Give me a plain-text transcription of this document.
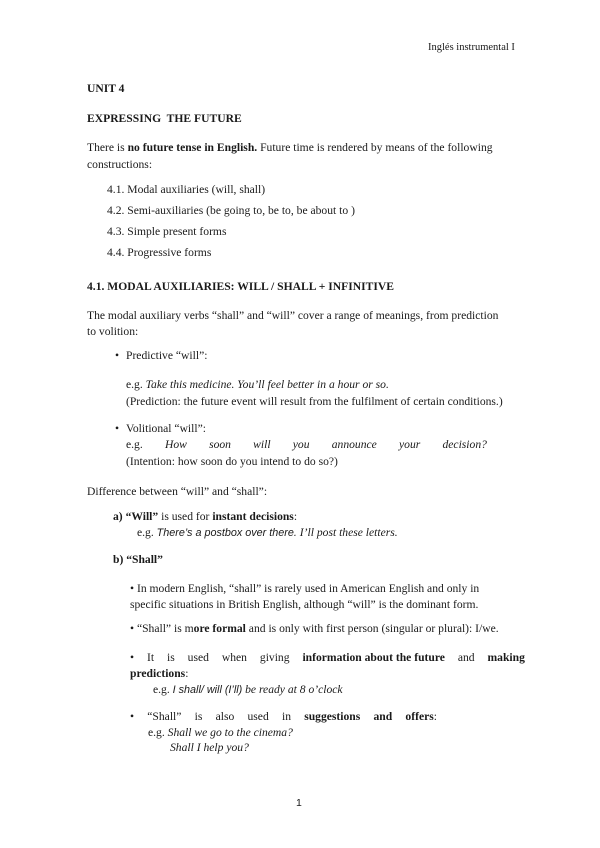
Inglés instrumental I
UNIT 4
EXPRESSING  THE FUTURE
There is no future tense in English. Future time is rendered by means of the following
constructions:
4.1. Modal auxiliaries (will, shall)
4.2. Semi-auxiliaries (be going to, be to, be about to )
4.3. Simple present forms
4.4. Progressive forms
4.1. MODAL AUXILIARIES: WILL / SHALL + INFINITIVE
The modal auxiliary verbs “shall” and “will” cover a range of meanings, from prediction
to volition:
• Predictive “will”:
e.g. Take this medicine. You’ll feel better in a hour or so.
(Prediction: the future event will result from the fulfilment of certain conditions.)
• Volitional “will”:
e.g. How soon will you announce your decision?
(Intention: how soon do you intend to do so?)
Difference between “will” and “shall”:
a) “Will” is used for instant decisions:
e.g. There’s a postbox over there. I’ll post these letters.
b) “Shall”
• In modern English, “shall” is rarely used in American English and only in
specific situations in British English, although “will” is the dominant form.
• “Shall” is more formal and is only with first person (singular or plural): I/we.
• It is used when giving information about the future and making
predictions:
e.g. I shall/ will (I’ll) be ready at 8 o’clock
• “Shall” is also used in suggestions and offers:
e.g. Shall we go to the cinema?
Shall I help you?
1
